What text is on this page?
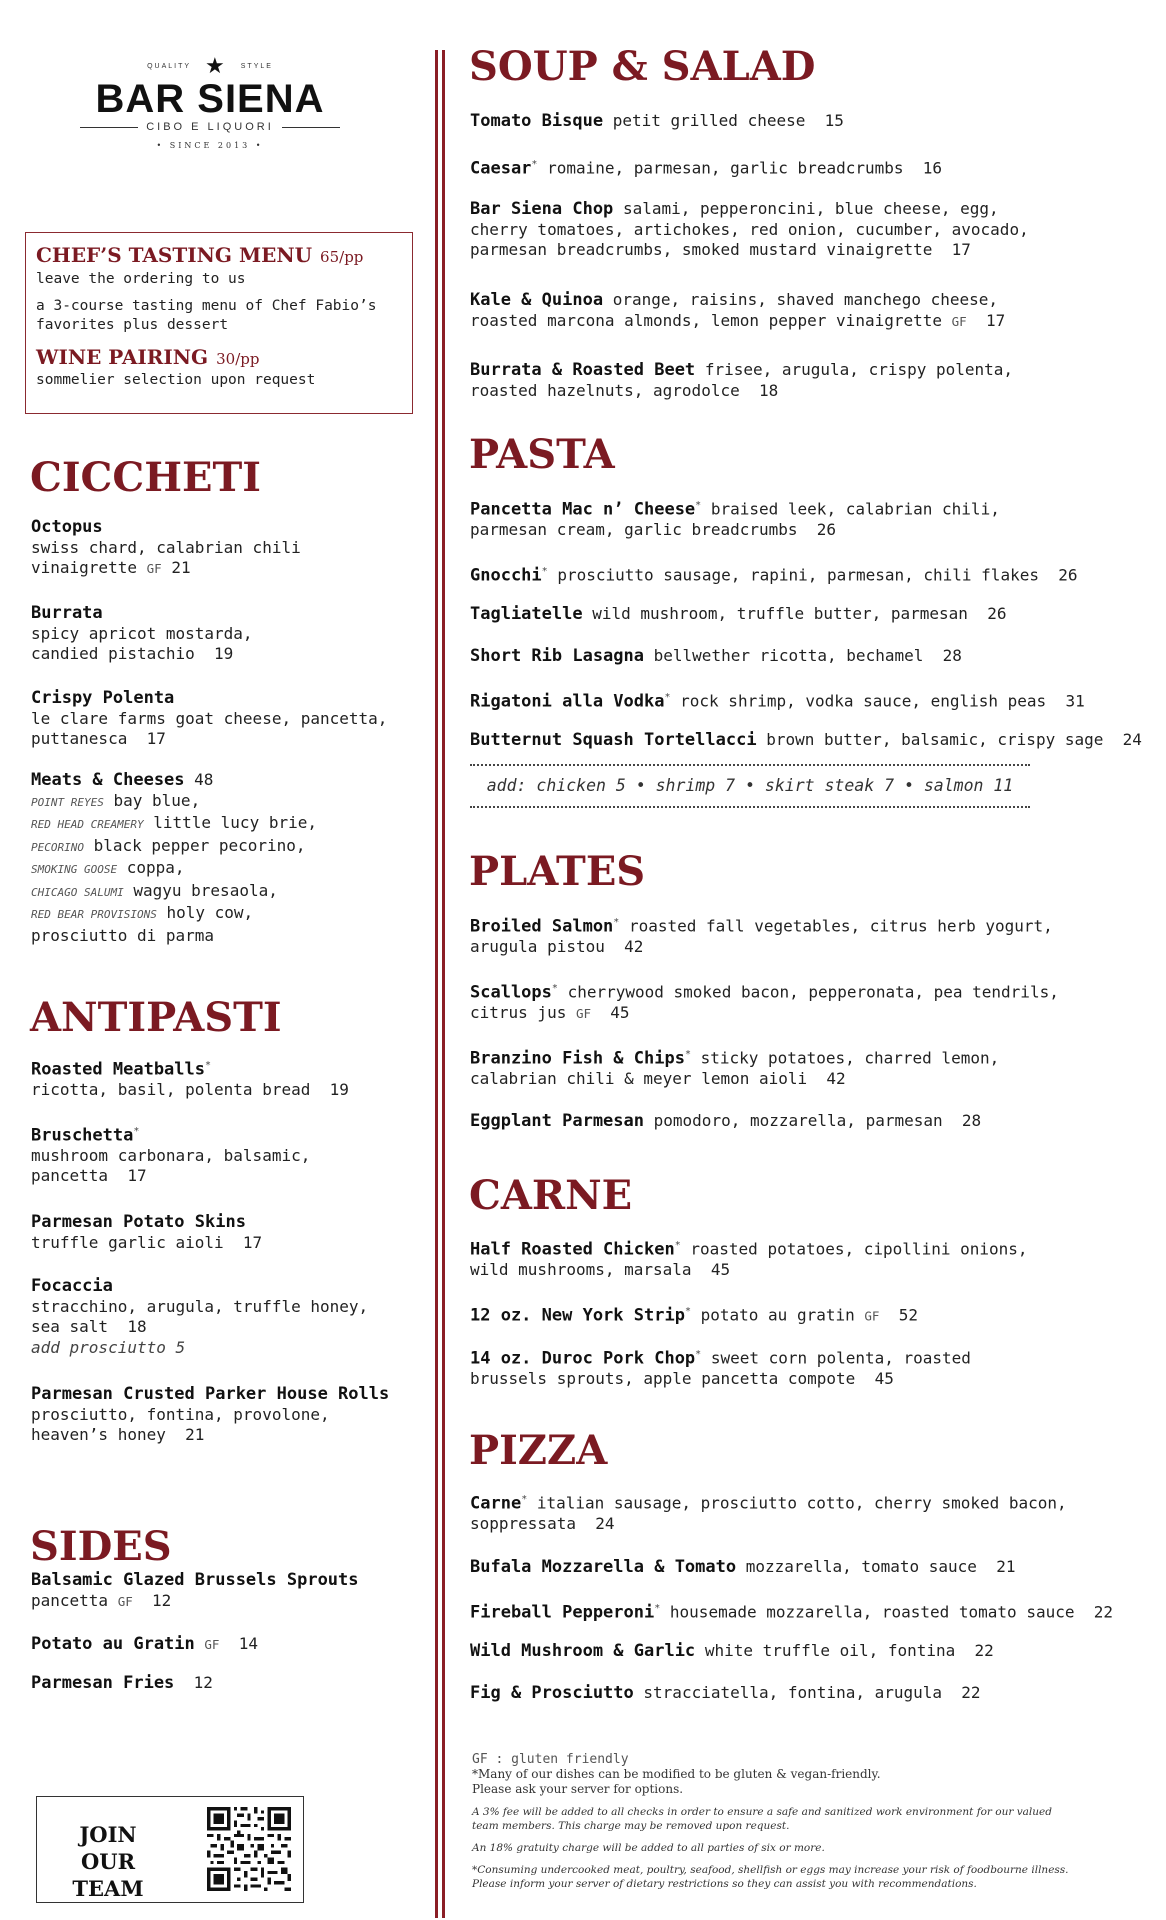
QUALITY ★ STYLE
BAR SIENA
CIBO E LIQUORI
• SINCE 2013 •
CHEF’S TASTING MENU 65/pp
leave the ordering to us
a 3-course tasting menu of Chef Fabio’s
favorites plus dessert
WINE PAIRING 30/pp
sommelier selection upon request
CICCHETI
Octopus
swiss chard, calabrian chili
vinaigrette GF 21
Burrata
spicy apricot mostarda,
candied pistachio 19
Crispy Polenta
le clare farms goat cheese, pancetta,
puttanesca 17
Meats & Cheeses 48
POINT REYES bay blue,
RED HEAD CREAMERY little lucy brie,
PECORINO black pepper pecorino,
SMOKING GOOSE coppa,
CHICAGO SALUMI wagyu bresaola,
RED BEAR PROVISIONS holy cow,
prosciutto di parma
ANTIPASTI
Roasted Meatballs*
ricotta, basil, polenta bread 19
Bruschetta*
mushroom carbonara, balsamic,
pancetta 17
Parmesan Potato Skins
truffle garlic aioli 17
Focaccia
stracchino, arugula, truffle honey,
sea salt 18
add prosciutto 5
Parmesan Crusted Parker House Rolls
prosciutto, fontina, provolone,
heaven’s honey 21
SIDES
Balsamic Glazed Brussels Sprouts
pancetta GF 12
Potato au Gratin GF 14
Parmesan Fries 12
JOIN
OUR TEAM
SOUP & SALAD
Tomato Bisque petit grilled cheese 15
Caesar* romaine, parmesan, garlic breadcrumbs 16
Bar Siena Chop salami, pepperoncini, blue cheese, egg,
cherry tomatoes, artichokes, red onion, cucumber, avocado,
parmesan breadcrumbs, smoked mustard vinaigrette 17
Kale & Quinoa orange, raisins, shaved manchego cheese,
roasted marcona almonds, lemon pepper vinaigrette GF 17
Burrata & Roasted Beet frisee, arugula, crispy polenta,
roasted hazelnuts, agrodolce 18
PASTA
Pancetta Mac n’ Cheese* braised leek, calabrian chili,
parmesan cream, garlic breadcrumbs 26
Gnocchi* prosciutto sausage, rapini, parmesan, chili flakes 26
Tagliatelle wild mushroom, truffle butter, parmesan 26
Short Rib Lasagna bellwether ricotta, bechamel 28
Rigatoni alla Vodka* rock shrimp, vodka sauce, english peas 31
Butternut Squash Tortellacci brown butter, balsamic, crispy sage 24
add: chicken 5 • shrimp 7 • skirt steak 7 • salmon 11
PLATES
Broiled Salmon* roasted fall vegetables, citrus herb yogurt,
arugula pistou 42
Scallops* cherrywood smoked bacon, pepperonata, pea tendrils,
citrus jus GF 45
Branzino Fish & Chips* sticky potatoes, charred lemon,
calabrian chili & meyer lemon aioli 42
Eggplant Parmesan pomodoro, mozzarella, parmesan 28
CARNE
Half Roasted Chicken* roasted potatoes, cipollini onions,
wild mushrooms, marsala 45
12 oz. New York Strip* potato au gratin GF 52
14 oz. Duroc Pork Chop* sweet corn polenta, roasted
brussels sprouts, apple pancetta compote 45
PIZZA
Carne* italian sausage, prosciutto cotto, cherry smoked bacon,
soppressata 24
Bufala Mozzarella & Tomato mozzarella, tomato sauce 21
Fireball Pepperoni* housemade mozzarella, roasted tomato sauce 22
Wild Mushroom & Garlic white truffle oil, fontina 22
Fig & Prosciutto stracciatella, fontina, arugula 22
GF : gluten friendly
*Many of our dishes can be modified to be gluten & vegan-friendly.
Please ask your server for options.
A 3% fee will be added to all checks in order to ensure a safe and sanitized work environment for our valued
team members. This charge may be removed upon request.
An 18% gratuity charge will be added to all parties of six or more.
*Consuming undercooked meat, poultry, seafood, shellfish or eggs may increase your risk of foodbourne illness.
Please inform your server of dietary restrictions so they can assist you with recommendations.
